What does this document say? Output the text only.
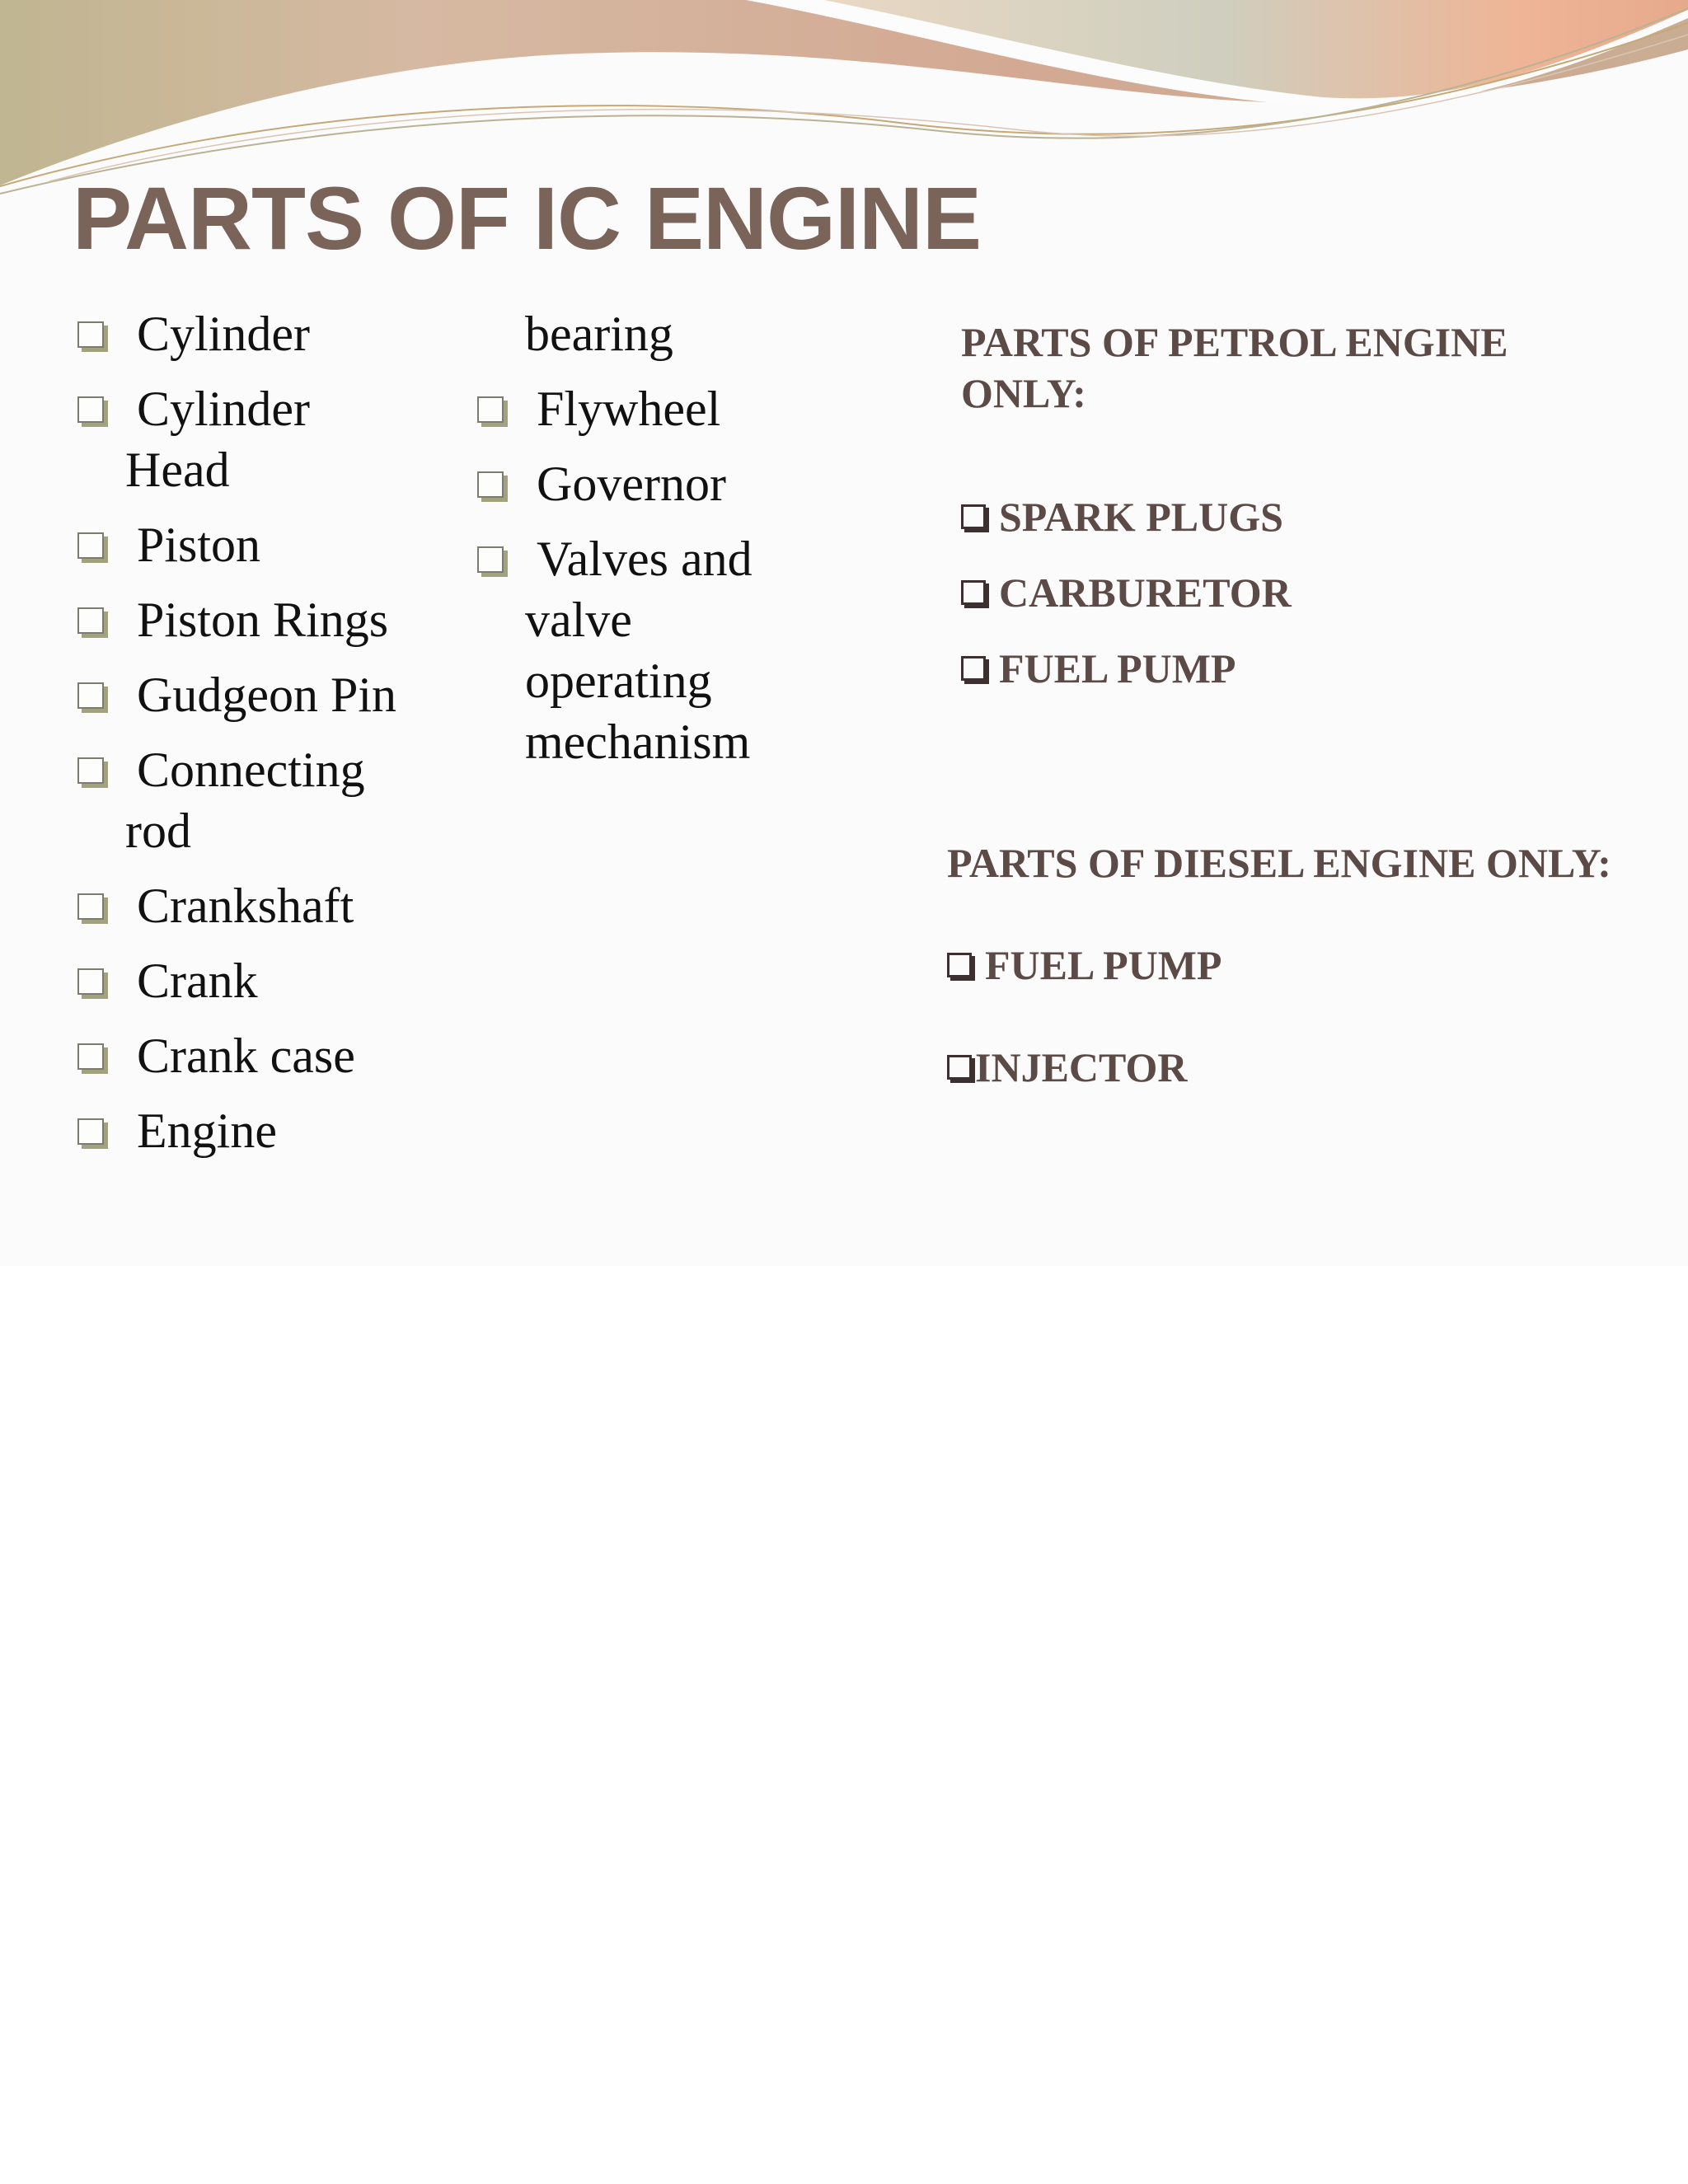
PARTS OF IC ENGINE
Cylinder
Cylinder
Head
Piston
Piston Rings
Gudgeon Pin
Connecting
rod
Crankshaft
Crank
Crank case
Engine
bearing
Flywheel
Governor
Valves and
valve
operating
mechanism

PARTS OF PETROL ENGINE
ONLY:

SPARK PLUGS
CARBURETOR
FUEL PUMP

PARTS OF DIESEL ENGINE ONLY:

FUEL PUMP
INJECTOR
